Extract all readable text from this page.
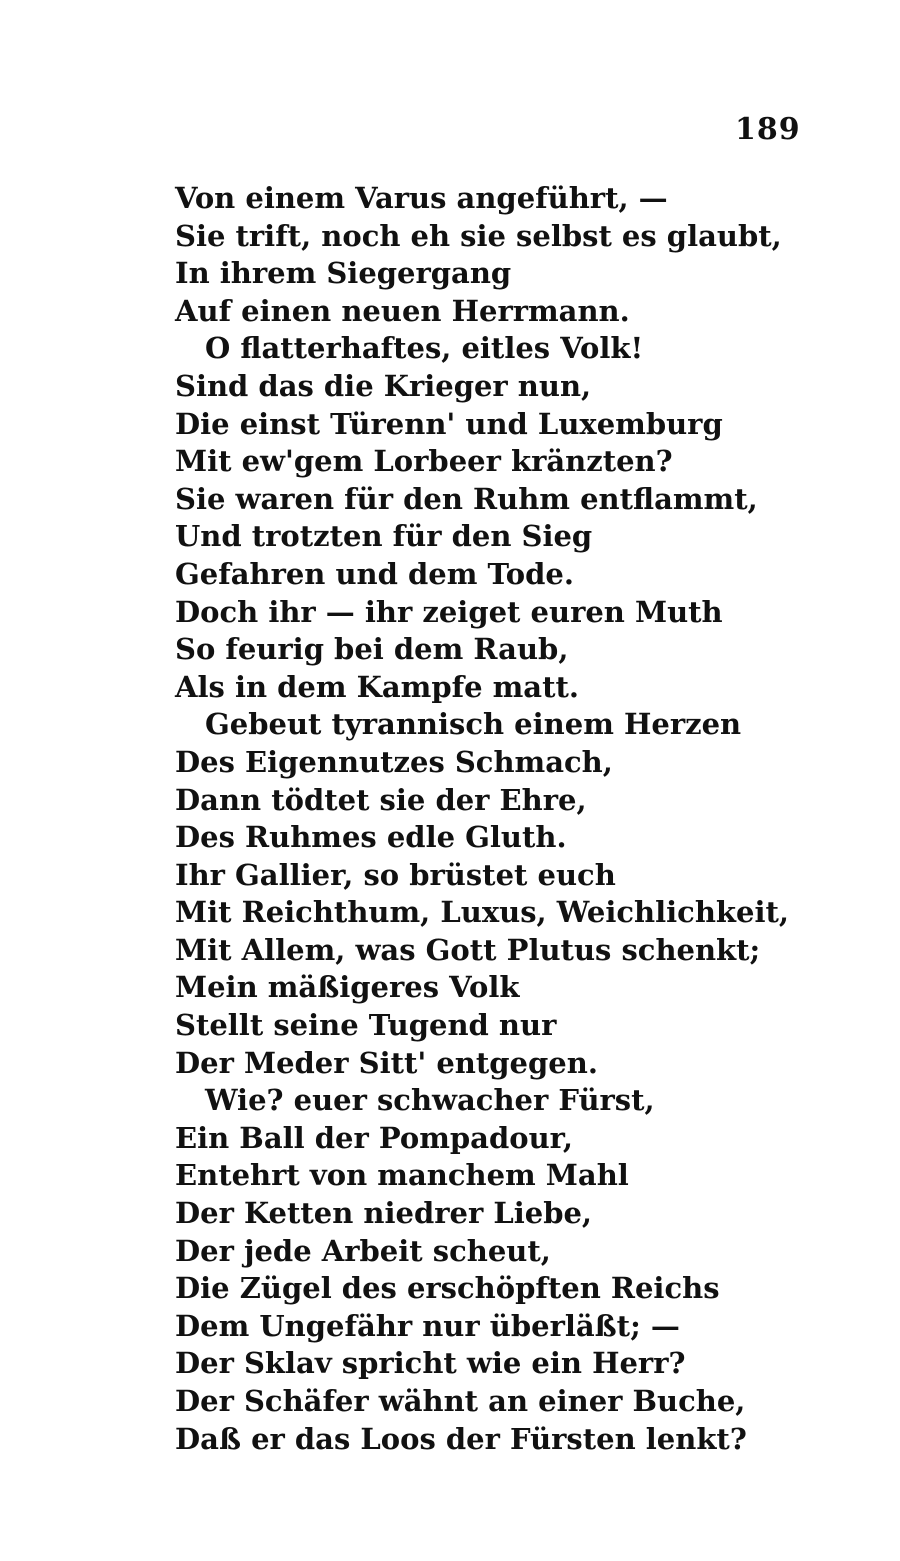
189
Von einem Varus angeführt, —
Sie trift, noch eh sie selbst es glaubt,
In ihrem Siegergang
Auf einen neuen Herrmann.
O flatterhaftes, eitles Volk!
Sind das die Krieger nun,
Die einst Türenn' und Luxemburg
Mit ew'gem Lorbeer kränzten?
Sie waren für den Ruhm entflammt,
Und trotzten für den Sieg
Gefahren und dem Tode.
Doch ihr — ihr zeiget euren Muth
So feurig bei dem Raub,
Als in dem Kampfe matt.
Gebeut tyrannisch einem Herzen
Des Eigennutzes Schmach,
Dann tödtet sie der Ehre,
Des Ruhmes edle Gluth.
Ihr Gallier, so brüstet euch
Mit Reichthum, Luxus, Weichlichkeit,
Mit Allem, was Gott Plutus schenkt;
Mein mäßigeres Volk
Stellt seine Tugend nur
Der Meder Sitt' entgegen.
Wie? euer schwacher Fürst,
Ein Ball der Pompadour,
Entehrt von manchem Mahl
Der Ketten niedrer Liebe,
Der jede Arbeit scheut,
Die Zügel des erschöpften Reichs
Dem Ungefähr nur überläßt; —
Der Sklav spricht wie ein Herr?
Der Schäfer wähnt an einer Buche,
Daß er das Loos der Fürsten lenkt?
